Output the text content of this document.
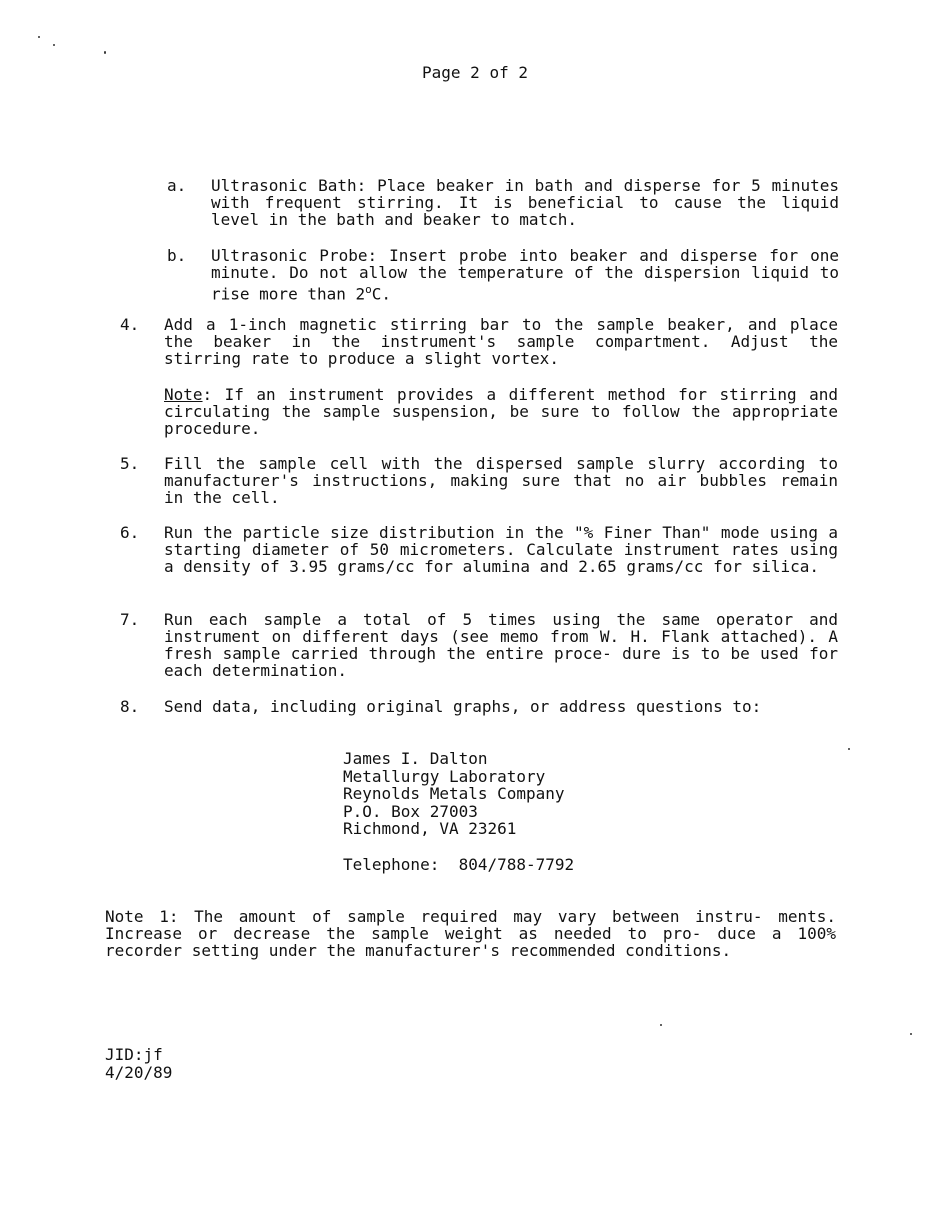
Page 2 of 2
a.	Ultrasonic Bath: Place beaker in bath and disperse for 5 minutes with frequent stirring. It is beneficial to cause the liquid level in the bath and beaker to match.
b.	Ultrasonic Probe: Insert probe into beaker and disperse for one minute. Do not allow the temperature of the dispersion liquid to rise more than 2$^o$C.
4.	Add a 1-inch magnetic stirring bar to the sample beaker, and place the beaker in the instrument's sample compartment. Adjust the stirring rate to produce a slight vortex.
Note: If an instrument provides a different method for stirring and circulating the sample suspension, be sure to follow the appropriate procedure.
5.	Fill the sample cell with the dispersed sample slurry according to manufacturer's instructions, making sure that no air bubbles remain in the cell.
6.	Run the particle size distribution in the "% Finer Than" mode using a starting diameter of 50 micrometers. Calculate instrument rates using a density of 3.95 grams/cc for alumina and 2.65 grams/cc for silica.
7.	Run each sample a total of 5 times using the same operator and instrument on different days (see memo from W. H. Flank attached). A fresh sample carried through the entire proce- dure is to be used for each determination.
8.	Send data, including original graphs, or address questions to:
James I. Dalton
Metallurgy Laboratory
Reynolds Metals Company
P.O. Box 27003
Richmond, VA 23261
Telephone: 804/788-7792
Note 1: The amount of sample required may vary between instru- ments. Increase or decrease the sample weight as needed to pro- duce a 100% recorder setting under the manufacturer's recommended conditions.
JID:jf
4/20/89
